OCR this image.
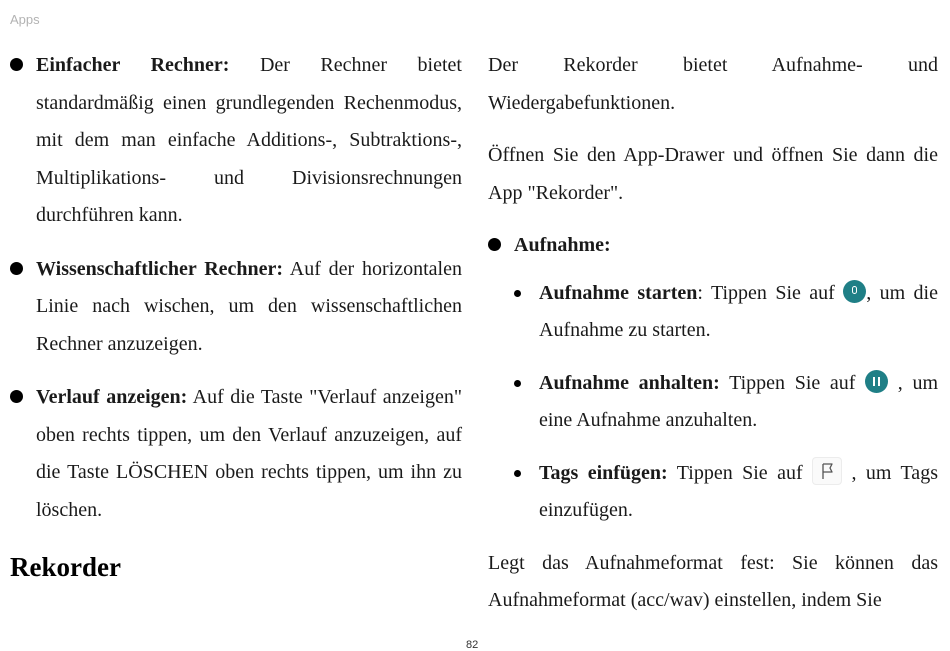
Apps

Einfacher Rechner: Der Rechner bietet standardmäßig einen grundlegenden Rechenmodus, mit dem man einfache Additions-, Subtraktions-, Multiplikations- und Divisionsrechnungen durchführen kann.

Wissenschaftlicher Rechner: Auf der horizontalen Linie nach wischen, um den wissenschaftlichen Rechner anzuzeigen.

Verlauf anzeigen: Auf die Taste "Verlauf anzeigen" oben rechts tippen, um den Verlauf anzuzeigen, auf die Taste LÖSCHEN oben rechts tippen, um ihn zu löschen.

Rekorder

Der Rekorder bietet Aufnahme- und Wiedergabefunktionen.

Öffnen Sie den App-Drawer und öffnen Sie dann die App "Rekorder".

Aufnahme:

Aufnahme starten: Tippen Sie auf
, um die Aufnahme zu starten.

Aufnahme anhalten: Tippen Sie auf
, um eine Aufnahme anzuhalten.

Tags einfügen: Tippen Sie auf
, um Tags einzufügen.

Legt das Aufnahmeformat fest: Sie können das Aufnahmeformat (acc/wav) einstellen, indem Sie

82
